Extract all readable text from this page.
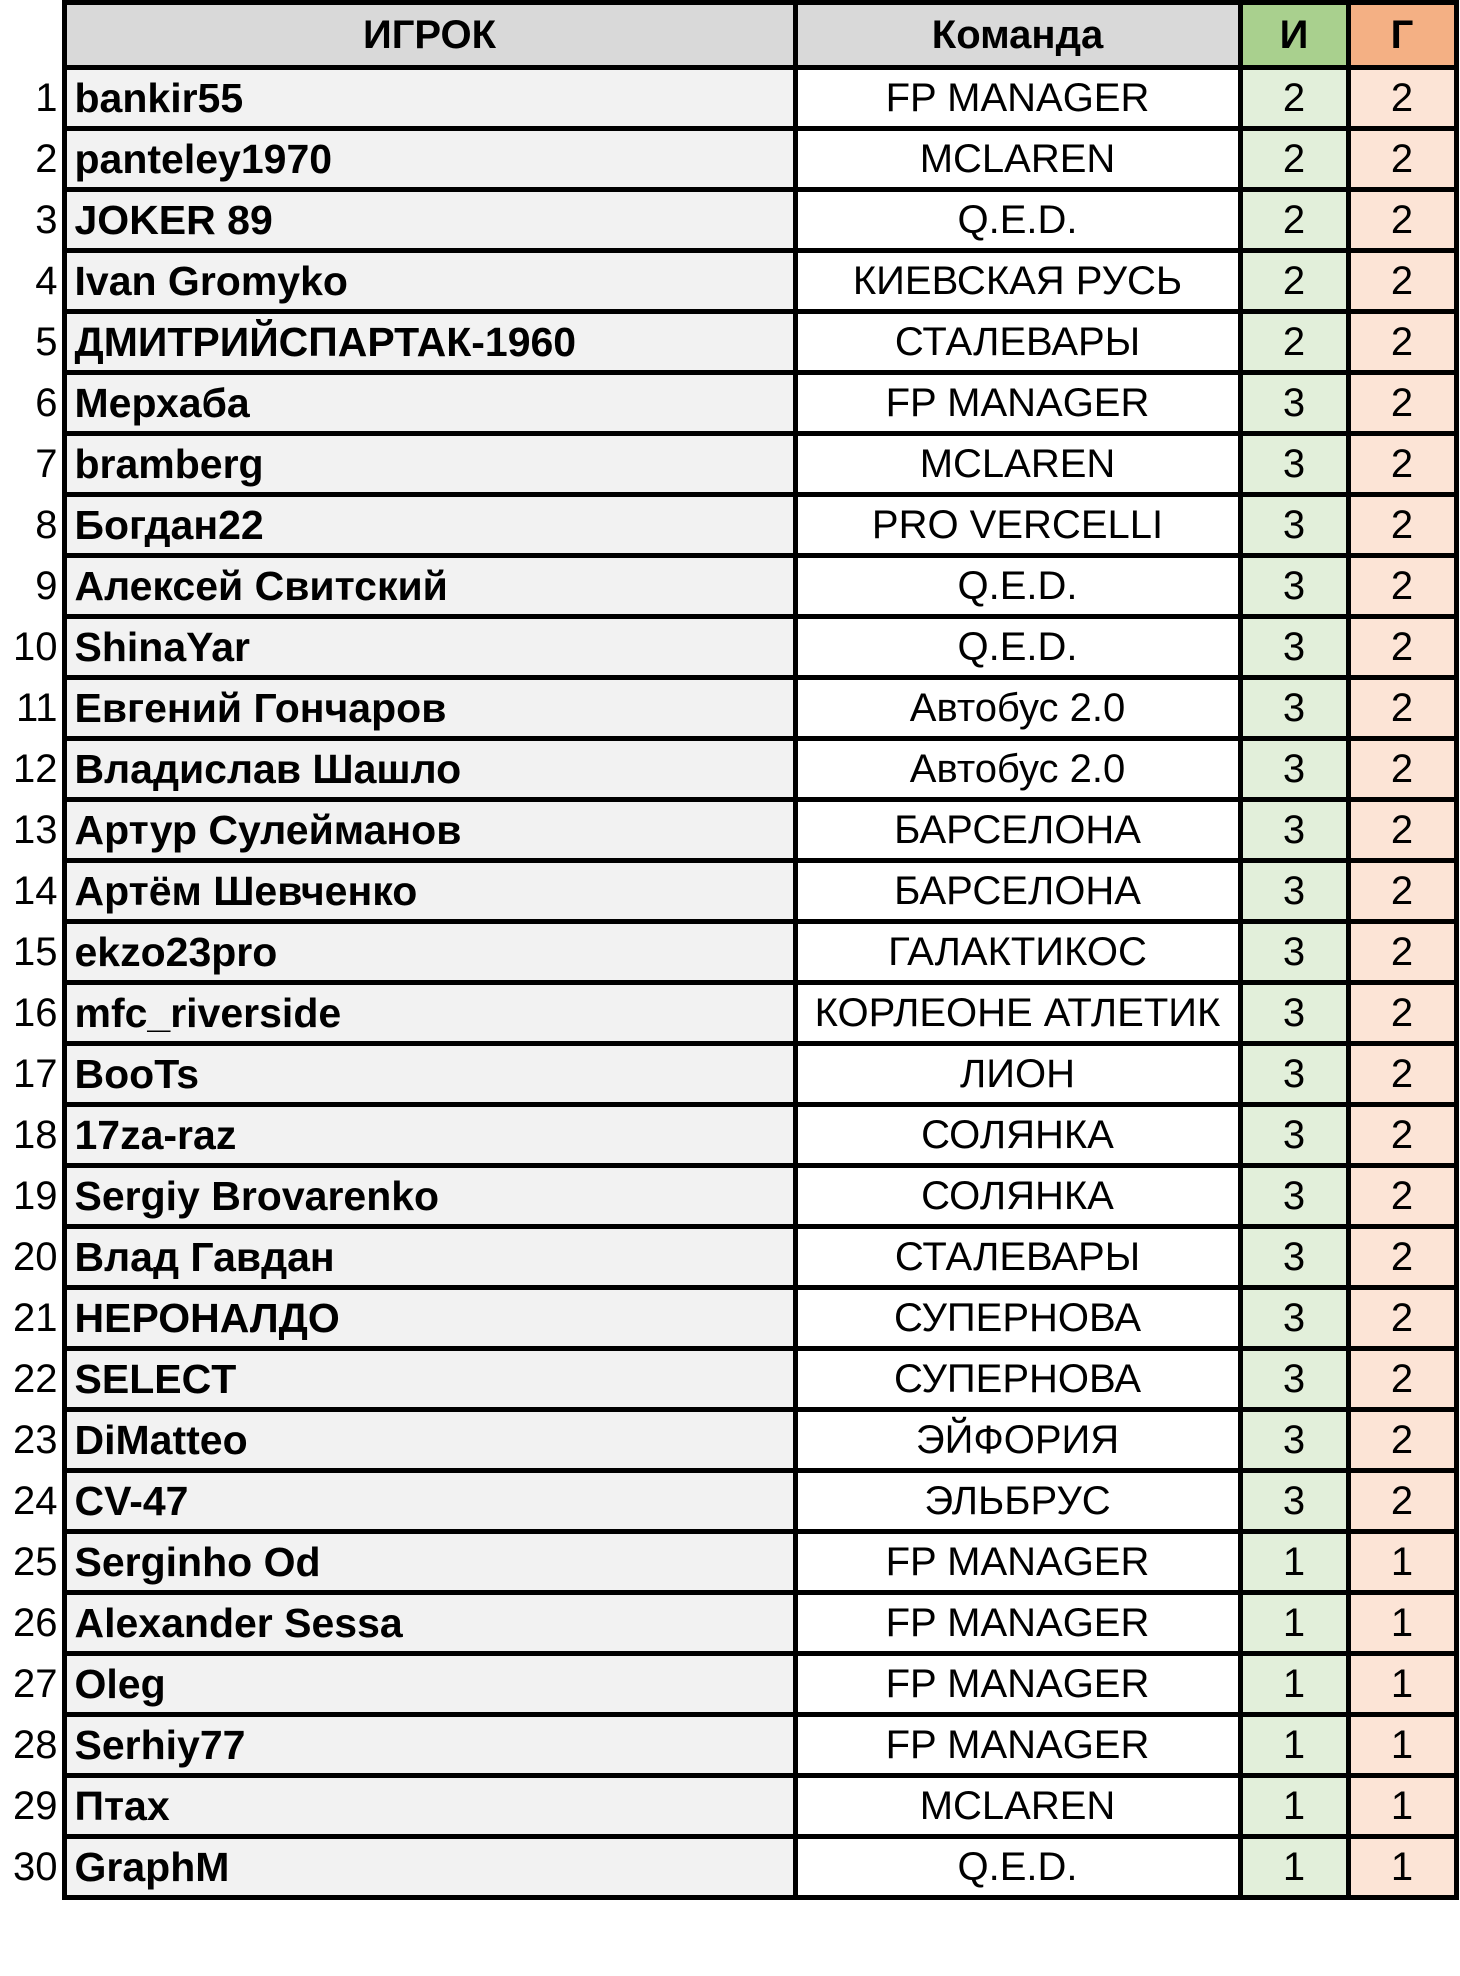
	ИГРОК	Команда	И	Г
1	bankir55	FP MANAGER	2	2
2	panteley1970	MCLAREN	2	2
3	JOKER 89	Q.E.D.	2	2
4	Ivan Gromyko	КИЕВСКАЯ РУСЬ	2	2
5	ДМИТРИЙСПАРТАК-1960	СТАЛЕВАРЫ	2	2
6	Мерхаба	FP MANAGER	3	2
7	bramberg	MCLAREN	3	2
8	Богдан22	PRO VERCELLI	3	2
9	Алексей Свитский	Q.E.D.	3	2
10	ShinaYar	Q.E.D.	3	2
11	Евгений Гончаров	Автобус 2.0	3	2
12	Владислав Шашло	Автобус 2.0	3	2
13	Артур Сулейманов	БАРСЕЛОНА	3	2
14	Артём Шевченко	БАРСЕЛОНА	3	2
15	ekzo23pro	ГАЛАКТИКОС	3	2
16	mfc_riverside	КОРЛЕОНЕ АТЛЕТИК	3	2
17	BooTs	ЛИОН	3	2
18	17za-raz	СОЛЯНКА	3	2
19	Sergiy Brovarenko	СОЛЯНКА	3	2
20	Влад Гавдан	СТАЛЕВАРЫ	3	2
21	НЕРОНАЛДО	СУПЕРНОВА	3	2
22	SELECT	СУПЕРНОВА	3	2
23	DiMatteo	ЭЙФОРИЯ	3	2
24	CV-47	ЭЛЬБРУС	3	2
25	Serginho Od	FP MANAGER	1	1
26	Alexander Sessa	FP MANAGER	1	1
27	Oleg	FP MANAGER	1	1
28	Serhiy77	FP MANAGER	1	1
29	Птах	MCLAREN	1	1
30	GraphM	Q.E.D.	1	1
